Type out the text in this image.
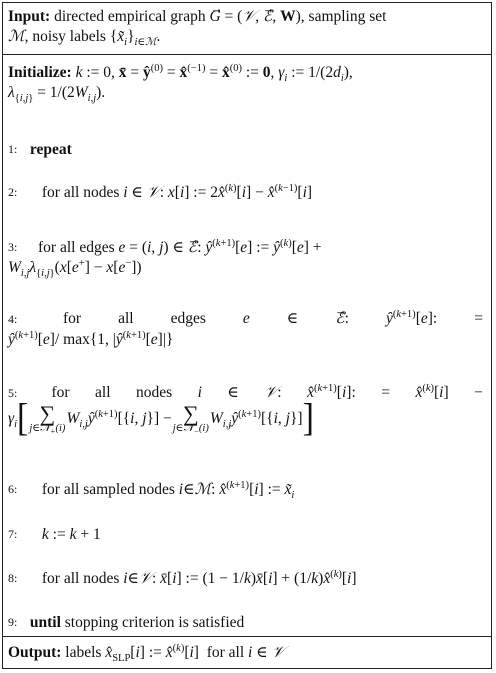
Input: directed empirical graph G⃗ = (𝒱, ℰ⃗, W), sampling set
ℳ, noisy labels $\{x̃_i\}_{i\in ℳ}$.
Initialize: k := 0, x̄ = $ŷ^{(0)}$ = x̂$^{(-1)}$ = x̂$^{(0)}$ := 0, $\gamma_i$ := $1/(2d_i)$,
$\lambda_{\{i,j\}} = 1/(2W_{i,j})$.
1: repeat
2: for all nodes i ∈ 𝒱: x[i] := 2x̂$^{(k)}$[i] − x̂$^{(k-1)}$[i]
3: for all edges e = (i, j) ∈ ℰ⃗: $ŷ^{(k+1)}[e]$ := $ŷ^{(k)}[e]$ +
$W_{i,j}\lambda_{\{i,j\}}(x[e^+] - x[e^-])$
4:	for all edges e ∈ ℰ⃗: $ŷ^{(k+1)}[e]$: =
$ŷ^{(k+1)}[e]/$ max{1, $|ŷ^{(k+1)}[e]|$}
5:	for all nodes i ∈ 𝒱: x̂$^{(k+1)}$[i]: = x̂$^{(k)}$[i] −
$\gamma_i$[ ∑
j∈𝒩$_+$(i)
$W_{i,j}ŷ^{(k+1)}[\{i$, j}] − ∑
j∈𝒩$_-$(i)
$W_{i,j}ŷ^{(k+1)}[\{i$, j}]]
6: for all sampled nodes i∈ℳ: x̂$^{(k+1)}$[i] := $x̃_i$
7: k := k + 1
8: for all nodes i∈𝒱: x̄[i] := (1 − 1/k)x̄[i] + (1/k)x̂$^{(k)}$[i]
9: until stopping criterion is satisfied
Output: labels $x̂_{SLP}[i]$ := x̂$^{(k)}$[i]  for all i ∈ 𝒱
